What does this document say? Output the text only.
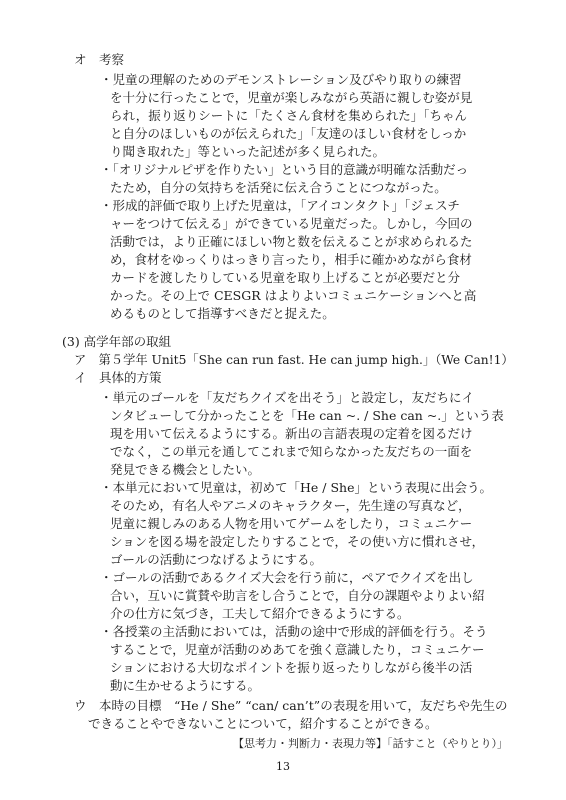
オ　考察
・児童の理解のためのデモンストレーション及びやり取りの練習
を十分に行ったことで，児童が楽しみながら英語に親しむ姿が見
られ，振り返りシートに「たくさん食材を集められた」「ちゃん
と自分のほしいものが伝えられた」「友達のほしい食材をしっか
り聞き取れた」等といった記述が多く見られた。
・「オリジナルピザを作りたい」という目的意識が明確な活動だっ
たため，自分の気持ちを活発に伝え合うことにつながった。
・形成的評価で取り上げた児童は，「アイコンタクト」「ジェスチ
ャーをつけて伝える」ができている児童だった。しかし，今回の
活動では，より正確にほしい物と数を伝えることが求められるた
め，食材をゆっくりはっきり言ったり，相手に確かめながら食材
カードを渡したりしている児童を取り上げることが必要だと分
かった。その上で CESGR はよりよいコミュニケーションへと高
めるものとして指導すべきだと捉えた。
(3) 高学年部の取組
ア　第５学年 Unit5「She can run fast. He can jump high.」（We Can!1）
イ　具体的方策
・単元のゴールを「友だちクイズを出そう」と設定し，友だちにイ
ンタビューして分かったことを「He can ~. / She can ~.」という表
現を用いて伝えるようにする。新出の言語表現の定着を図るだけ
でなく，この単元を通してこれまで知らなかった友だちの一面を
発見できる機会としたい。
・本単元において児童は，初めて「He / She」という表現に出会う。
そのため，有名人やアニメのキャラクター，先生達の写真など，
児童に親しみのある人物を用いてゲームをしたり，コミュニケー
ションを図る場を設定したりすることで，その使い方に慣れさせ，
ゴールの活動につなげるようにする。
・ゴールの活動であるクイズ大会を行う前に，ペアでクイズを出し
合い，互いに賞賛や助言をし合うことで，自分の課題やよりよい紹
介の仕方に気づき，工夫して紹介できるようにする。
・各授業の主活動においては，活動の途中で形成的評価を行う。そう
することで，児童が活動のめあてを強く意識したり，コミュニケー
ションにおける大切なポイントを振り返ったりしながら後半の活
動に生かせるようにする。
ウ　本時の目標　“He / She” “can/ can’t”の表現を用いて，友だちや先生の
できることやできないことについて，紹介することができる。
【思考力・判断力・表現力等】「話すこと（やりとり）」
13
